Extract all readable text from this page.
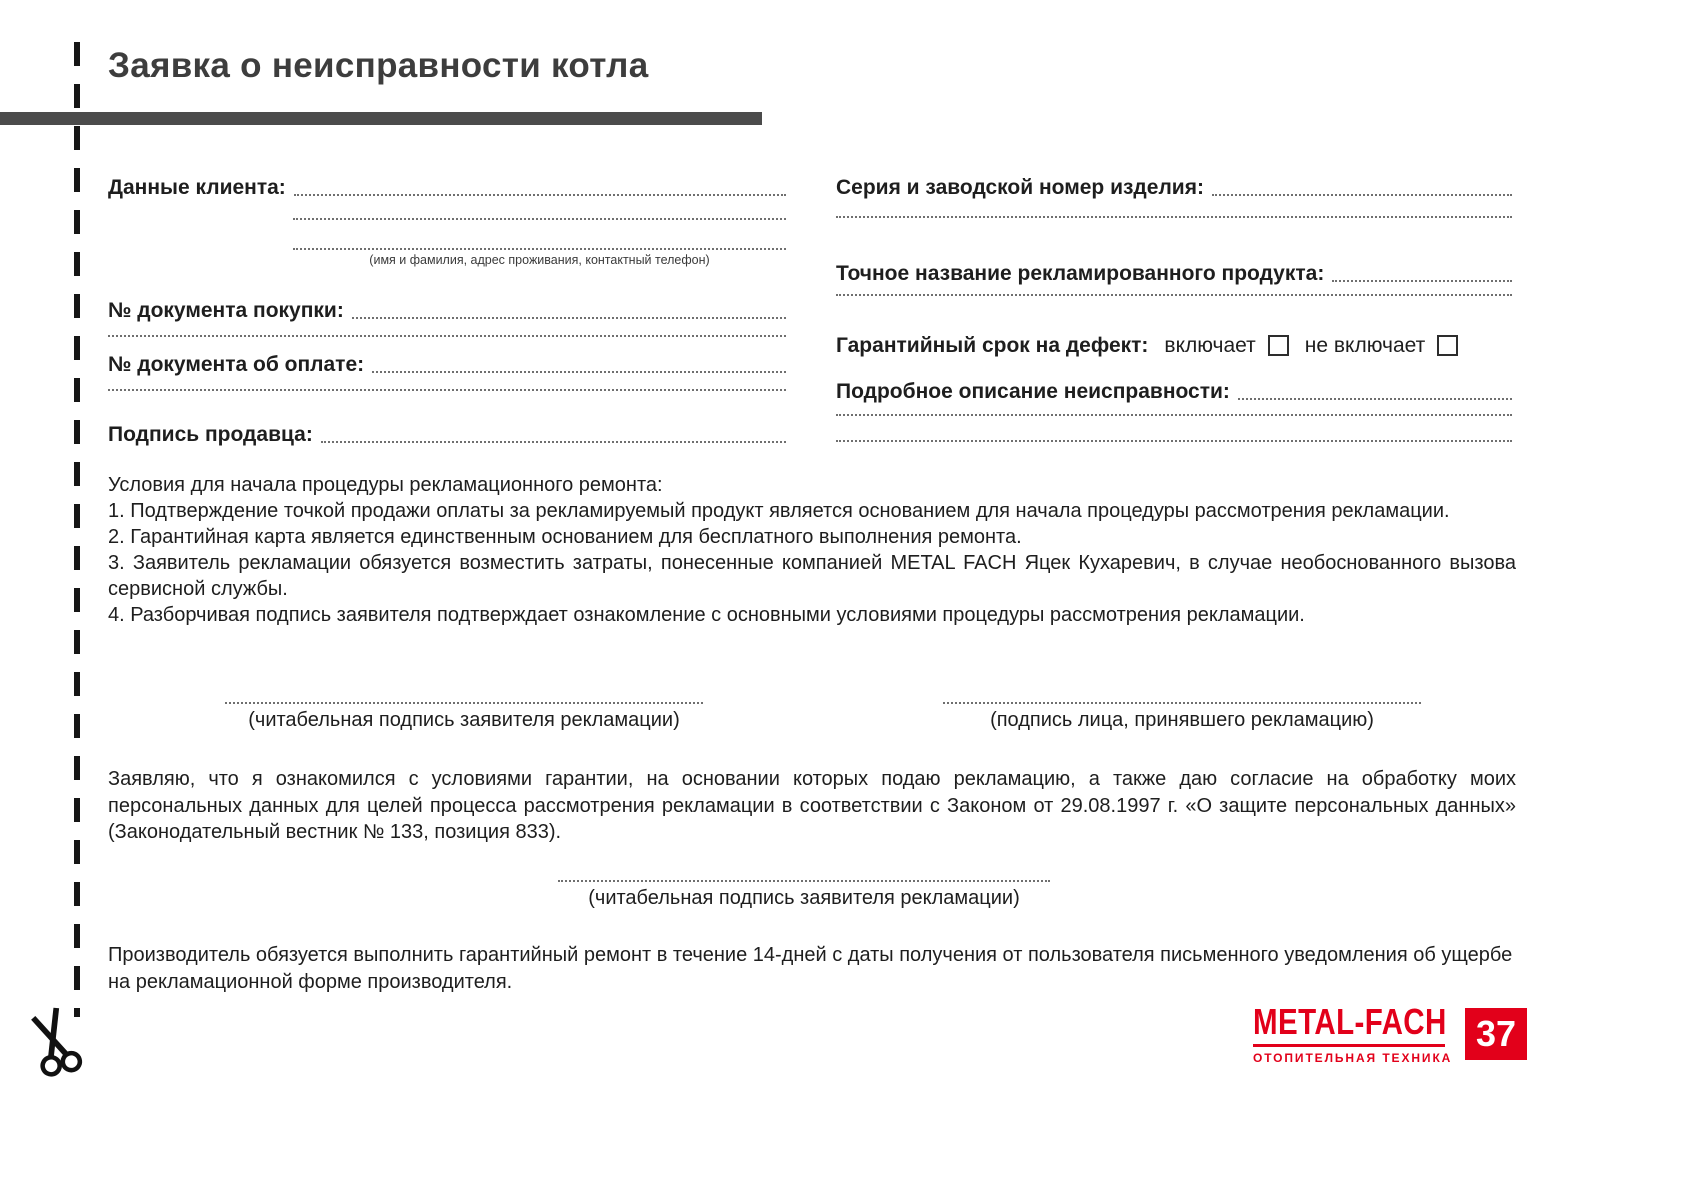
Заявка о неисправности котла
Данные клиента:
(имя и фамилия, адрес проживания, контактный телефон)
№ документа покупки:
№ документа об оплате:
Подпись продавца:
Серия и заводской номер изделия:
Точное название рекламированного продукта:
Гарантийный срок на дефект: включает не включает
Подробное описание неисправности:
Условия для начала процедуры рекламационного ремонта:
1. Подтверждение точкой продажи оплаты за рекламируемый продукт является основанием для начала процедуры рассмотрения рекламации.
2. Гарантийная карта является единственным основанием для бесплатного выполнения ремонта.
3. Заявитель рекламации обязуется возместить затраты, понесенные компанией METAL FACH Яцек Кухаревич, в случае необоснованного вызова сервисной службы.
4. Разборчивая подпись заявителя подтверждает ознакомление с основными условиями процедуры рассмотрения рекламации.
(читабельная подпись заявителя рекламации)	(подпись лица, принявшего рекламацию)
Заявляю, что я ознакомился с условиями гарантии, на основании которых подаю рекламацию, а также даю согласие на обработку моих персональных данных для целей процесса рассмотрения рекламации в соответствии с Законом от 29.08.1997 г. «О защите персональных данных» (Законодательный вестник № 133, позиция 833).
(читабельная подпись заявителя рекламации)
Производитель обязуется выполнить гарантийный ремонт в течение 14-дней с даты получения от пользователя письменного уведомления об ущербе на рекламационной форме производителя.
METAL-FACH
ОТОПИТЕЛЬНАЯ ТЕХНИКА
37
